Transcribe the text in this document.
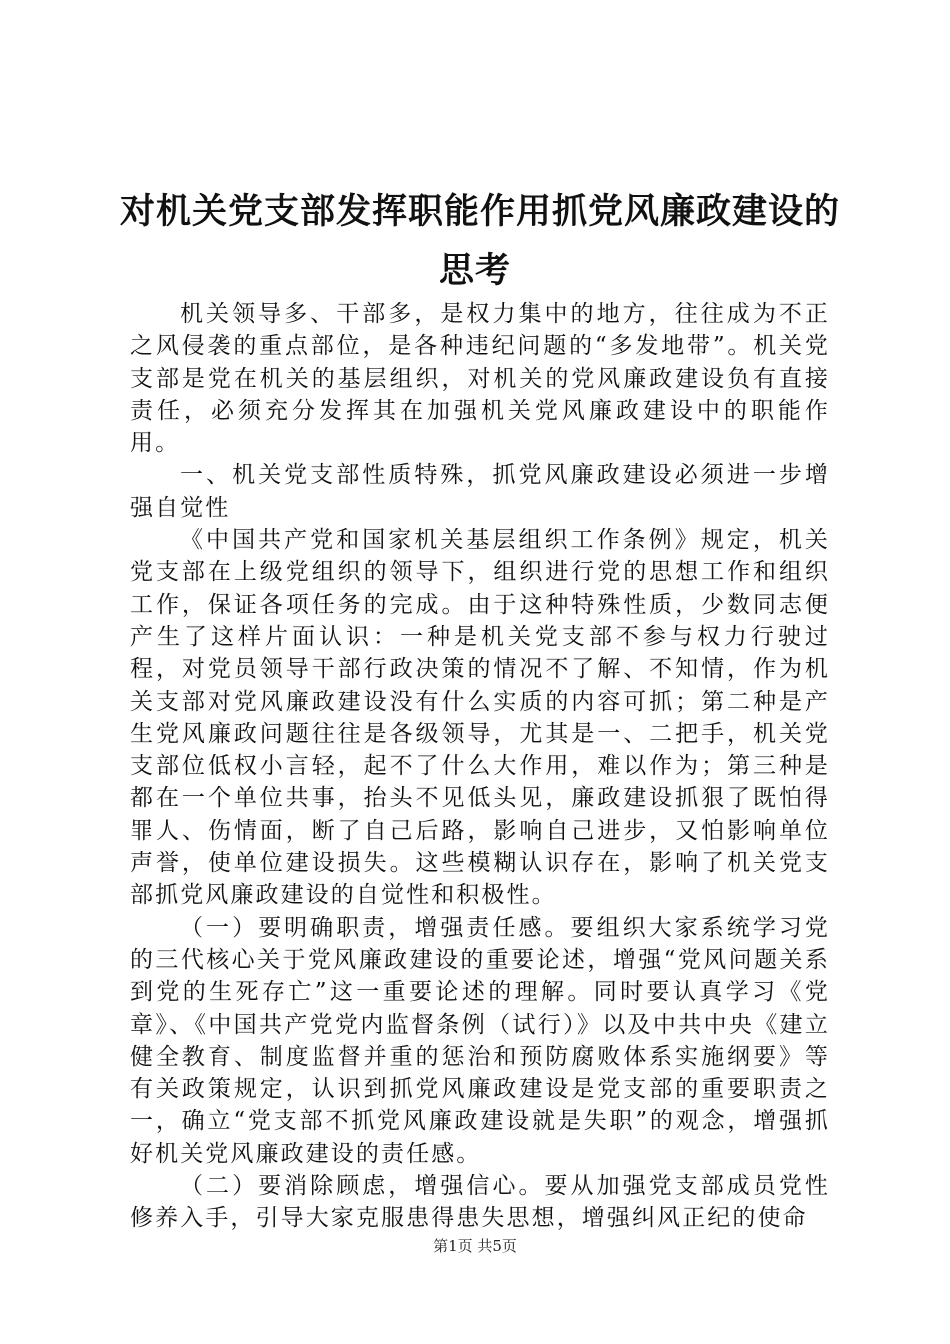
对机关党支部发挥职能作用抓党风廉政建设的
思考

机关领导多、干部多，是权力集中的地方，往往成为不正之风侵袭的重点部位，是各种违纪问题的“多发地带”。机关党支部是党在机关的基层组织，对机关的党风廉政建设负有直接责任，必须充分发挥其在加强机关党风廉政建设中的职能作用。

一、机关党支部性质特殊，抓党风廉政建设必须进一步增强自觉性

《中国共产党和国家机关基层组织工作条例》规定，机关党支部在上级党组织的领导下，组织进行党的思想工作和组织工作，保证各项任务的完成。由于这种特殊性质，少数同志便产生了这样片面认识：一种是机关党支部不参与权力行驶过程，对党员领导干部行政决策的情况不了解、不知情，作为机关支部对党风廉政建设没有什么实质的内容可抓；第二种是产生党风廉政问题往往是各级领导，尤其是一、二把手，机关党支部位低权小言轻，起不了什么大作用，难以作为；第三种是都在一个单位共事，抬头不见低头见，廉政建设抓狠了既怕得罪人、伤情面，断了自己后路，影响自己进步，又怕影响单位声誉，使单位建设损失。这些模糊认识存在，影响了机关党支部抓党风廉政建设的自觉性和积极性。

（一）要明确职责，增强责任感。要组织大家系统学习党的三代核心关于党风廉政建设的重要论述，增强“党风问题关系到党的生死存亡”这一重要论述的理解。同时要认真学习《党章》、《中国共产党党内监督条例（试行）》以及中共中央《建立健全教育、制度监督并重的惩治和预防腐败体系实施纲要》等有关政策规定，认识到抓党风廉政建设是党支部的重要职责之一，确立“党支部不抓党风廉政建设就是失职”的观念，增强抓好机关党风廉政建设的责任感。

（二）要消除顾虑，增强信心。要从加强党支部成员党性修养入手，引导大家克服患得患失思想，增强纠风正纪的使命

第1页 共5页
